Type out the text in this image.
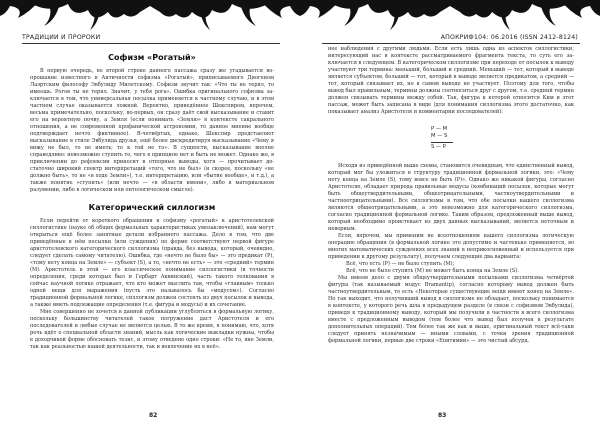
ТРАДИЦИИ И ПРОРОКИ
Софизм «Рогатый»

В первую очередь, во второй строке данного пассажа сразу же угадывается вопрошание известного в Античности софизма «Рогатый», приписываемого Диогеном Лаэртским философу Эвбулиду Милетскому. Софизм звучит так: «Что ты не терял, то имеешь. Рогов ты не терял. Значит, у тебя рога». Ошибка оригинального софизма заключается в том, что универсальная посылка применяется к частному случаю, и в этом частном случае оказывается ложной. Вероятно, приведённое Шекспиром, впрочем, весьма примечательно, поскольку, во-первых, он сразу даёт свой высказывание и ставит его на вероятную почву, а Земля (если понимать «Землю» в контексте сакрального отношения, а не современной профанической астрономии, то данное мнение вообще подтверждает нечто фиктивное). В-четвёртых, однако, Шекспир представляет высказывание в стиле Эвбулида друзья, ещё более дискредитируя высказывание «Чему я вижу не был, то не иметь; то к той не то». В сущности, высказывание вполне справедливо: невозможно ступить то, чего в принципе нет и быть не может. Однако же, в приключении до рефлексии приносит в отпорные выводы, хотя — прочитывает достаточно широкий спектр интерпретаций «того, что не был» (и скорее, поскольку «не должно быть», то не «в ходе Земли»), т.е. интерпретацию, или «бытие вообще», и т.д.), а также понятие «ступить» (или нечто — «в области имени», либо в материальном разумении, либо в логическом или онтологическом смысле).

Категорический силлогизм

Если перейти от короткого обращения к софизму «рогатый» к аристотелевской силлогистике (науке об общих формальных характеристиках умозаключений), нам могут открыться ещё более занятные детали избранного пассажа. Дело в том, что две приведённые в нём посылки (или суждения) по форме соответствуют первой фигуре аристотелевского категорического силлогизма (правда, без вывода, который, очевидно, следует сделать самому читателю). Ошибка, где «нечто не было бы» — это предикат (P), «тому нету конца на Земле» — субъект (S), а то, «нечто не есть» — это «средний» термин (M). Аристотель в этой — его классическое понимание силлогистики (в точности определения, среди которых был и Гербарт Аквинский), часть такого толкования в сейчас научной логике отражает, что кто может мыслить так, чтобы «главным» только одной вещи для выражения (пусть это называлось бы «модусом»). Согласно традиционной формальной логике, силлогизм должен состоять из двух посылок и вывода, а также иметь подлежащие определения (т.е. фигура и модусы) и их сочетание.

Мне совершенно не хочется в данной публикации углубляться в формальную логику, поскольку большинству читателей такое погружение даст Аристотеля и его последователей и любые случае не является целью. В то же время, я понимаю, что, хотя речь идёт о специальной области знаний, мысль как логические выкладки нужны, чтобы в доходчивой форме обосновать тезис, и этому отведено одно строки: «Не то, вне Земли, так как реальностью нашей деятельности, так и вовлечение их в неё».

82
АПОКРИФ104: 06.2016 (ISSN 2412-8124)

нее наблюдения с другими людьми. Если есть лишь одна из аспектов силлогистики, интересующий нас в контексте рассматриваемого фрагмента текста, то суть его заключается в следующем. В категорическом силлогизме при переходе от посылок к выводу участвуют три термина: меньший, больший и средний. Меньший — тот, который в выводе является субъектом, больший — тот, который в выводе является предикатом, а средний — тот, который связывает их, но в самом выводе не участвует. Поэтому для того, чтобы вывод был правильным, термины должны соотноситься друг с другом, т.е. средний термин должен связывать термины между собой. Так, фигура к которой относится Ким и этот пассаж, может быть записана в виде (для понимания силлогизма этого достаточно, как показывает анализ Аристотеля и комментарии последователей):

P — M
M — S
S — P

Исходя из приведённой выше схемы, становится очевидным, что единственный вывод, который мог бы уложиться в структуру традиционной формальной логики, это: «Чему нету конца на Земле (S), тому вовсе не быть (P)». Однако же никакой фигуры, согласно Аристотелю, обладает природа правильные модусы (комбинаций посылок, которые могут быть общеутвердительными, общеотрицательными, частноутвердительными и частноотрицательными). Все силлогизмы в том, что обе посылки нашего силлогизма являются общеотрицательными, а это невозможно для категорического силлогизма, согласно традиционной формальной логике. Таким образом, предложенный выше вывод, который необходимо проистекает из двух данных высказываний, является неточным и неверным.

Если, впрочем, мы применим не всеотношениям нашего силлогизма логическую операцию обращения (в формальной логике это допустимо и частенько применяется, во многих математических суждениях всех знаний в неприкосновенный и используется при приведении к другому результату), получаем следующие два варианта:

Всё, что есть (P) — не было ступить (M);

Всё, что не было ступить (M) не может быть конца на Земле (S).

Мы имеем дело с двумя общеутвердительными посылками силлогизма четвёртой фигуры (так называемый модус Bramantip), согласно которому вывод должен быть частноутвердительным, то есть «Некоторые существующие вещи имеют конец на Земле». Но так выходит, что получивший вывод в силлогизме не обладает, поскольку понимается в контексте, у которого речь шла в предыдущем разделе (в связи с софизмом Эвбулида), приведя к традиционному выводу, который мы получили в частности в всего силлогизма вместе с предложенным выводом (тем более что вывод был получен в результате дополнительных операций). Тем более так же как и выше, оригинальный текст всё-таки следует принять незначимым — иными словами, с точки зрения традиционной формальной логики, первые две строки «Епитимии» — это чистый абсурд.

83
